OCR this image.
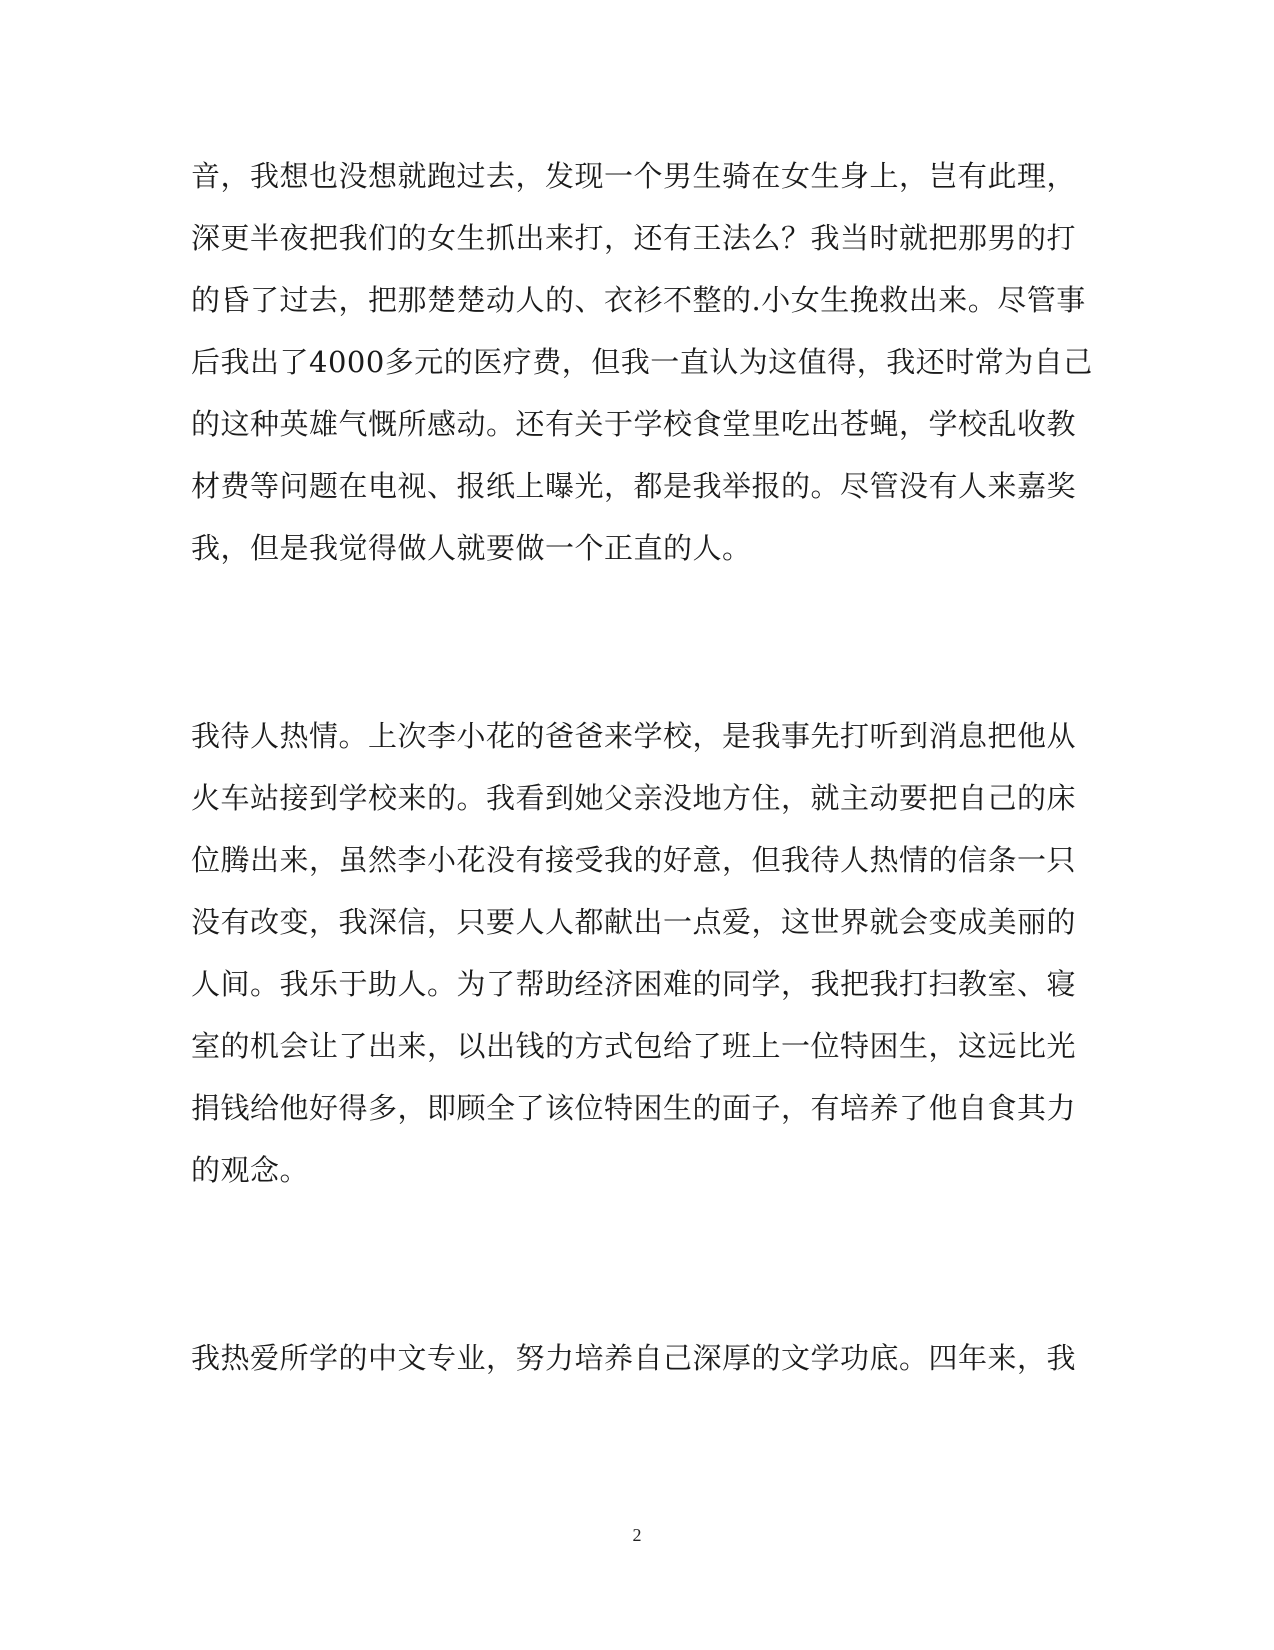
音，我想也没想就跑过去，发现一个男生骑在女生身上，岂有此理，
深更半夜把我们的女生抓出来打，还有王法么？我当时就把那男的打
的昏了过去，把那楚楚动人的、衣衫不整的.小女生挽救出来。尽管事
后我出了4000多元的医疗费，但我一直认为这值得，我还时常为自己
的这种英雄气慨所感动。还有关于学校食堂里吃出苍蝇，学校乱收教
材费等问题在电视、报纸上曝光，都是我举报的。尽管没有人来嘉奖
我，但是我觉得做人就要做一个正直的人。
我待人热情。上次李小花的爸爸来学校，是我事先打听到消息把他从
火车站接到学校来的。我看到她父亲没地方住，就主动要把自己的床
位腾出来，虽然李小花没有接受我的好意，但我待人热情的信条一只
没有改变，我深信，只要人人都献出一点爱，这世界就会变成美丽的
人间。我乐于助人。为了帮助经济困难的同学，我把我打扫教室、寝
室的机会让了出来，以出钱的方式包给了班上一位特困生，这远比光
捐钱给他好得多，即顾全了该位特困生的面子，有培养了他自食其力
的观念。
我热爱所学的中文专业，努力培养自己深厚的文学功底。四年来，我
2
